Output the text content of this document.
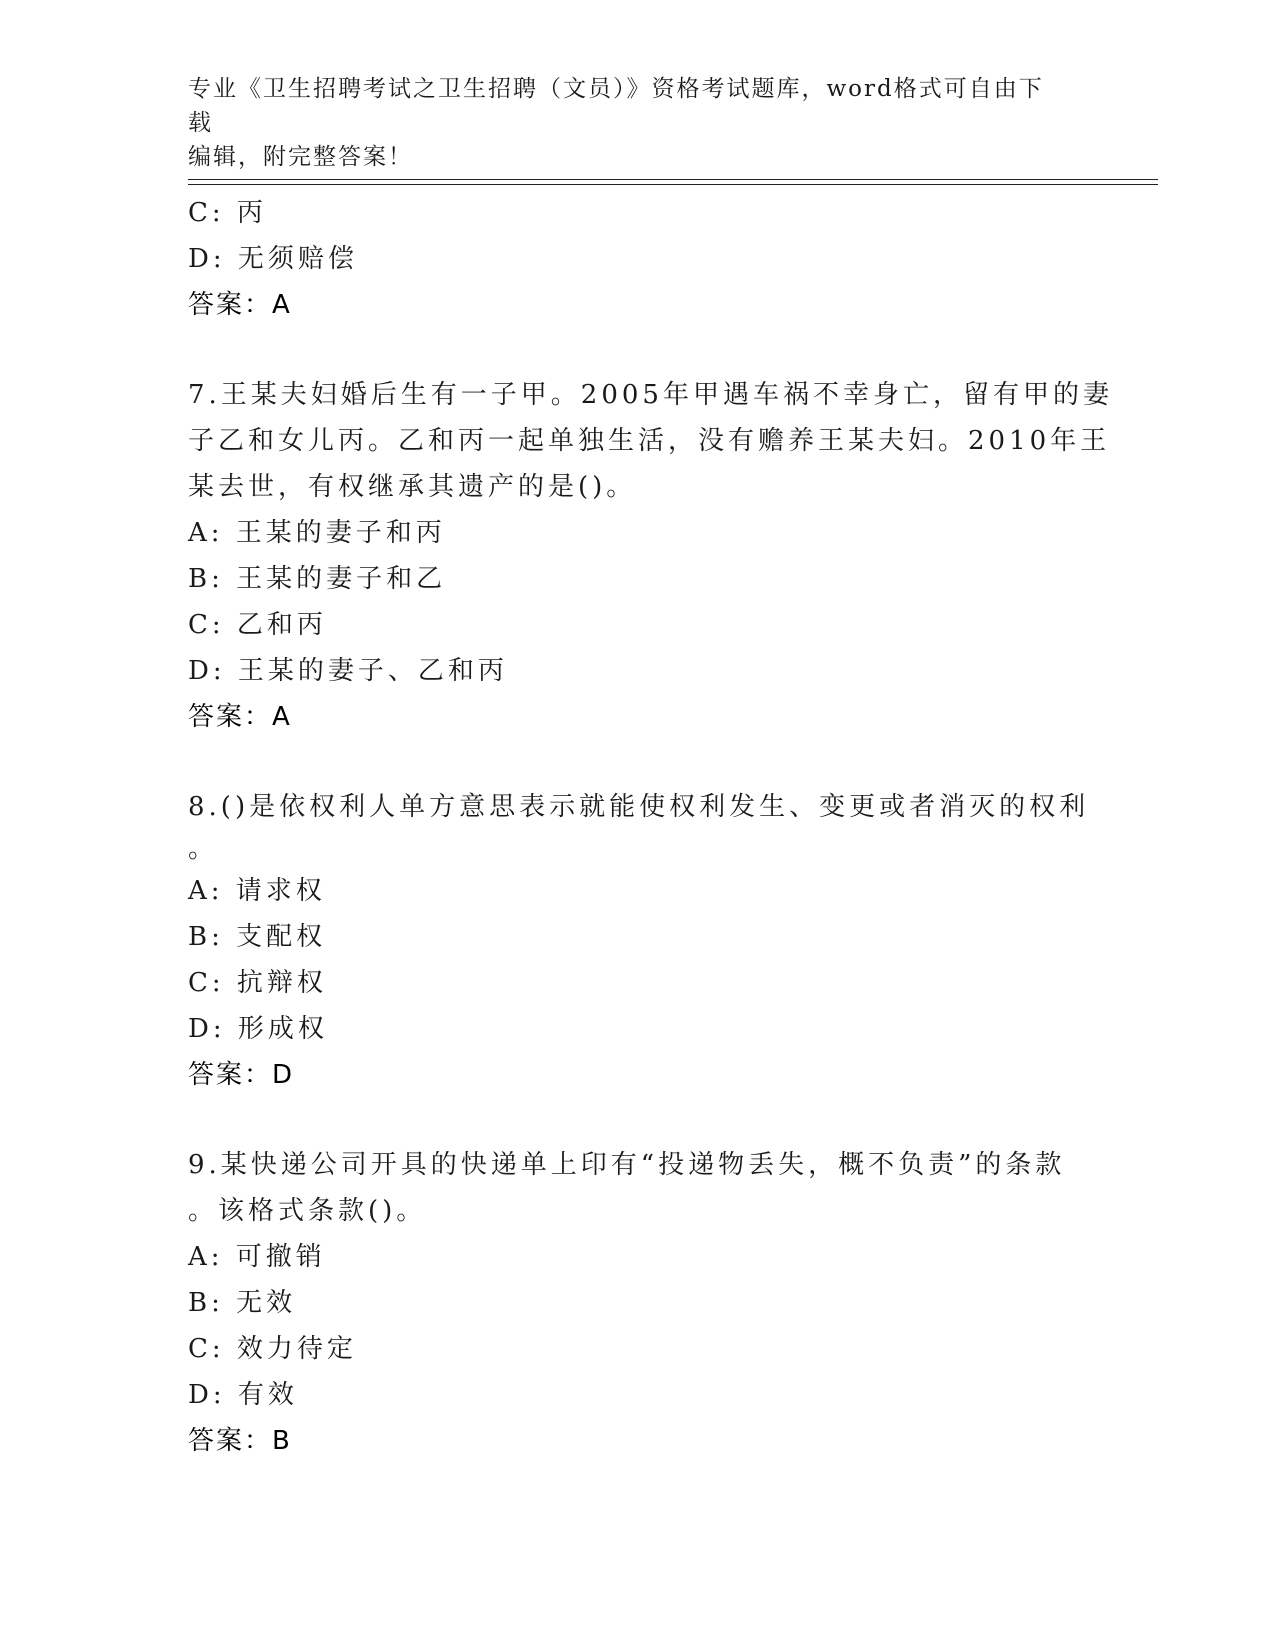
专业《卫生招聘考试之卫生招聘（文员）》资格考试题库，word格式可自由下载
编辑，附完整答案！
C: 丙
D: 无须赔偿
答案：A
7.王某夫妇婚后生有一子甲。2005年甲遇车祸不幸身亡，留有甲的妻
子乙和女儿丙。乙和丙一起单独生活，没有赡养王某夫妇。2010年王
某去世，有权继承其遗产的是()。
A: 王某的妻子和丙
B: 王某的妻子和乙
C: 乙和丙
D: 王某的妻子、乙和丙
答案：A
8.()是依权利人单方意思表示就能使权利发生、变更或者消灭的权利
。
A: 请求权
B: 支配权
C: 抗辩权
D: 形成权
答案：D
9.某快递公司开具的快递单上印有“投递物丢失，概不负责”的条款
。该格式条款()。
A: 可撤销
B: 无效
C: 效力待定
D: 有效
答案：B
